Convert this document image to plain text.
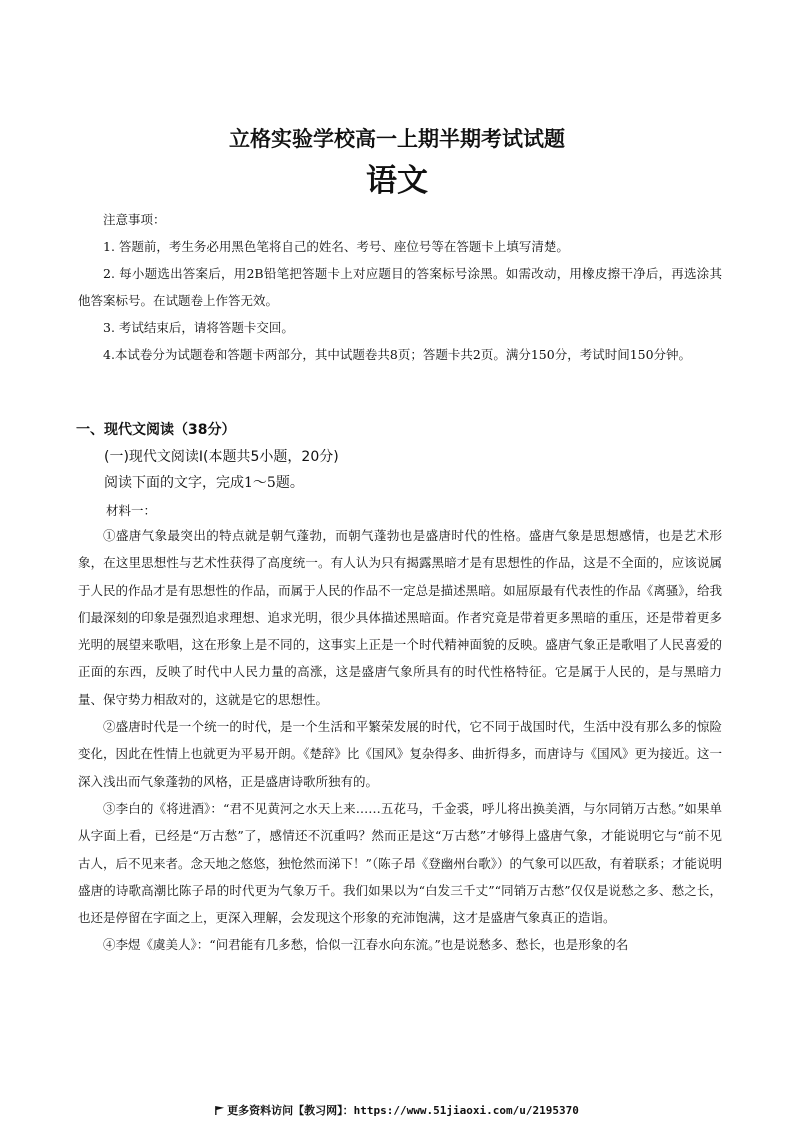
立格实验学校高一上期半期考试试题
语文

注意事项：

1. 答题前，考生务必用黑色笔将自己的姓名、考号、座位号等在答题卡上填写清楚。

2. 每小题选出答案后，用2B铅笔把答题卡上对应题目的答案标号涂黑。如需改动，用橡皮擦干净后，再选涂其他答案标号。在试题卷上作答无效。

3. 考试结束后，请将答题卡交回。

4.本试卷分为试题卷和答题卡两部分，其中试题卷共8页；答题卡共2页。满分150分，考试时间150分钟。

一、现代文阅读（38分）
(一)现代文阅读Ⅰ(本题共5小题，20分)
阅读下面的文字，完成1～5题。
材料一：

①盛唐气象最突出的特点就是朝气蓬勃，而朝气蓬勃也是盛唐时代的性格。盛唐气象是思想感情，也是艺术形象，在这里思想性与艺术性获得了高度统一。有人认为只有揭露黑暗才是有思想性的作品，这是不全面的，应该说属于人民的作品才是有思想性的作品，而属于人民的作品不一定总是描述黑暗。如屈原最有代表性的作品《离骚》，给我们最深刻的印象是强烈追求理想、追求光明，很少具体描述黑暗面。作者究竟是带着更多黑暗的重压，还是带着更多光明的展望来歌唱，这在形象上是不同的，这事实上正是一个时代精神面貌的反映。盛唐气象正是歌唱了人民喜爱的正面的东西，反映了时代中人民力量的高涨，这是盛唐气象所具有的时代性格特征。它是属于人民的，是与黑暗力量、保守势力相敌对的，这就是它的思想性。

②盛唐时代是一个统一的时代，是一个生活和平繁荣发展的时代，它不同于战国时代，生活中没有那么多的惊险变化，因此在性情上也就更为平易开朗。《楚辞》比《国风》复杂得多、曲折得多，而唐诗与《国风》更为接近。这一深入浅出而气象蓬勃的风格，正是盛唐诗歌所独有的。

③李白的《将进酒》：“君不见黄河之水天上来……五花马，千金裘，呼儿将出换美酒，与尔同销万古愁。”如果单从字面上看，已经是“万古愁”了，感情还不沉重吗？然而正是这“万古愁”才够得上盛唐气象，才能说明它与“前不见古人，后不见来者。念天地之悠悠，独怆然而涕下！”（陈子昂《登幽州台歌》）的气象可以匹敌，有着联系；才能说明盛唐的诗歌高潮比陈子昂的时代更为气象万千。我们如果以为“白发三千丈”“同销万古愁”仅仅是说愁之多、愁之长，也还是停留在字面之上，更深入理解，会发现这个形象的充沛饱满，这才是盛唐气象真正的造诣。

④李煜《虞美人》：“问君能有几多愁，恰似一江春水向东流。”也是说愁多、愁长，也是形象的名

更多资料访问【教习网】：https://www.51jiaoxi.com/u/2195370
